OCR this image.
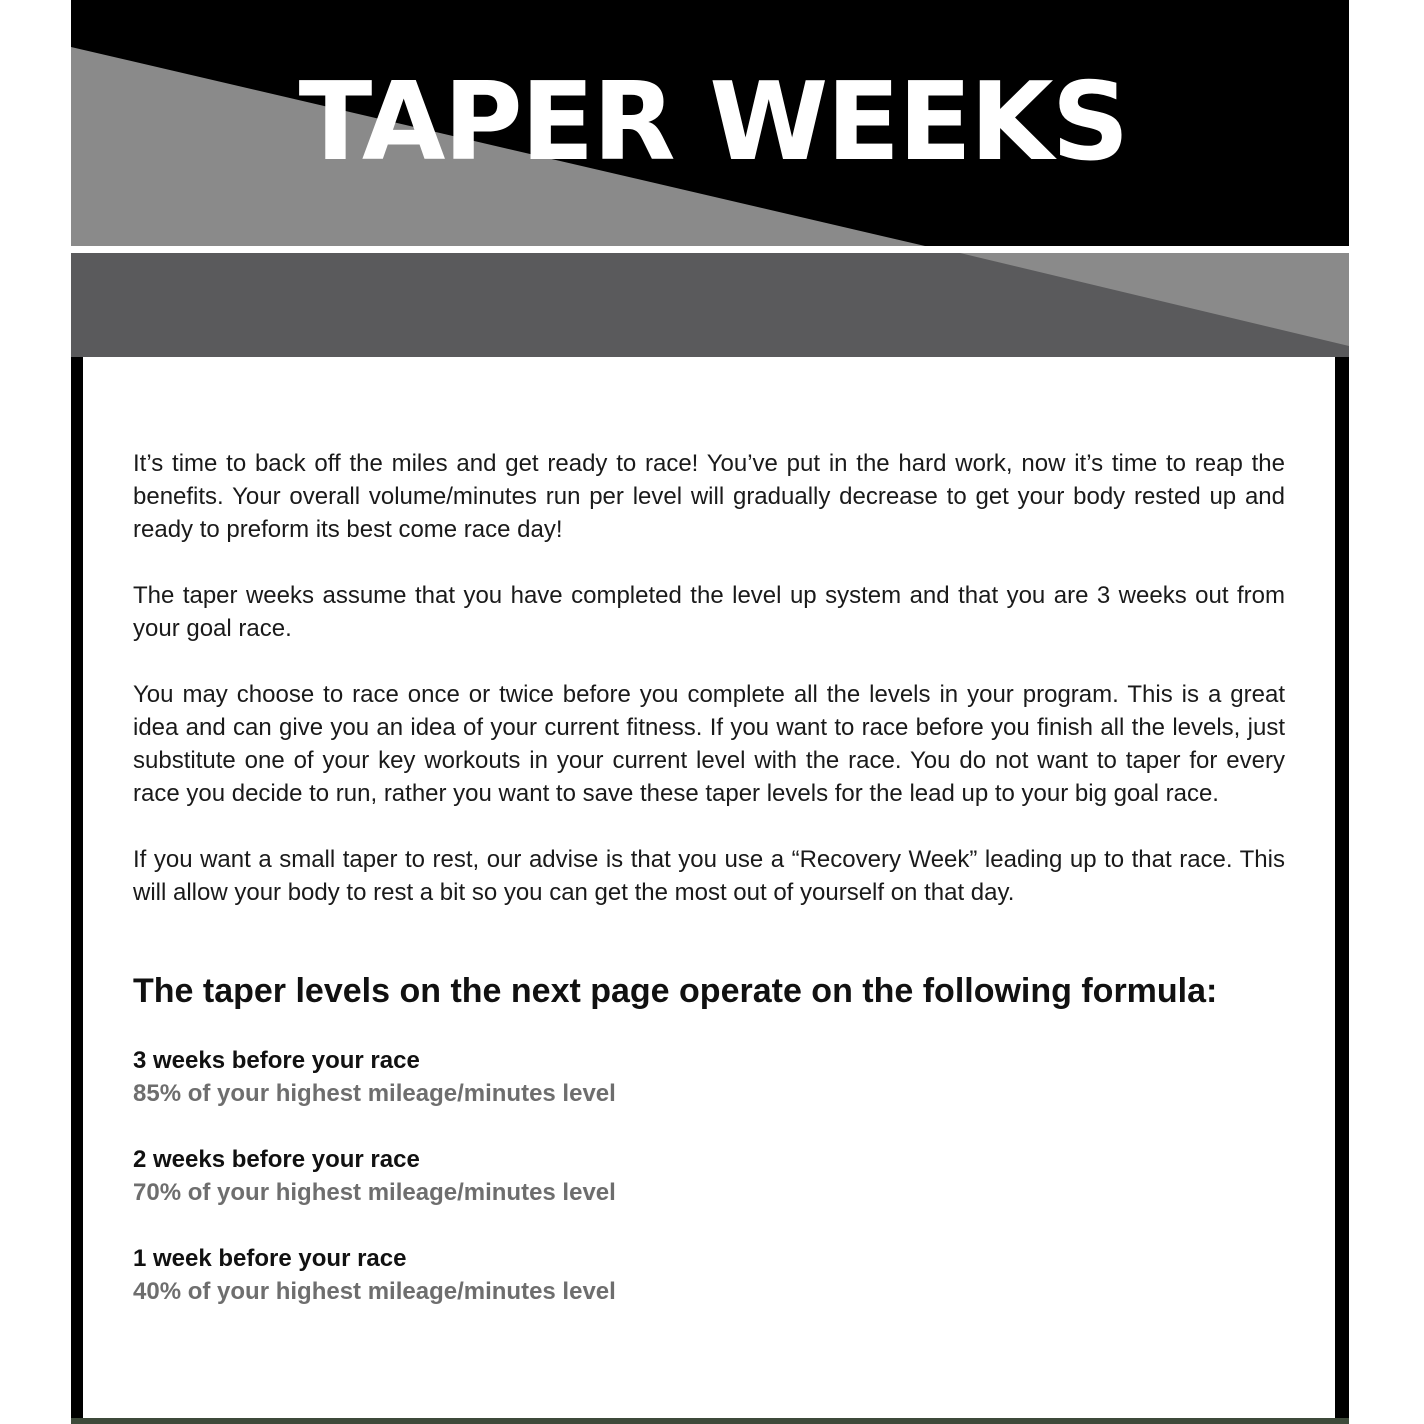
TAPER WEEKS

It’s time to back off the miles and get ready to race! You’ve put in the hard work, now it’s time to reap the benefits. Your overall volume/minutes run per level will gradually decrease to get your body rested up and ready to preform its best come race day!

The taper weeks assume that you have completed the level up system and that you are 3 weeks out from your goal race.

You may choose to race once or twice before you complete all the levels in your program. This is a great idea and can give you an idea of your current fitness. If you want to race before you finish all the levels, just substitute one of your key workouts in your current level with the race. You do not want to taper for every race you decide to run, rather you want to save these taper levels for the lead up to your big goal race.

If you want a small taper to rest, our advise is that you use a “Recovery Week” leading up to that race. This will allow your body to rest a bit so you can get the most out of yourself on that day.

The taper levels on the next page operate on the following formula:

3 weeks before your race

85% of your highest mileage/minutes level

2 weeks before your race

70% of your highest mileage/minutes level

1 week before your race

40% of your highest mileage/minutes level
